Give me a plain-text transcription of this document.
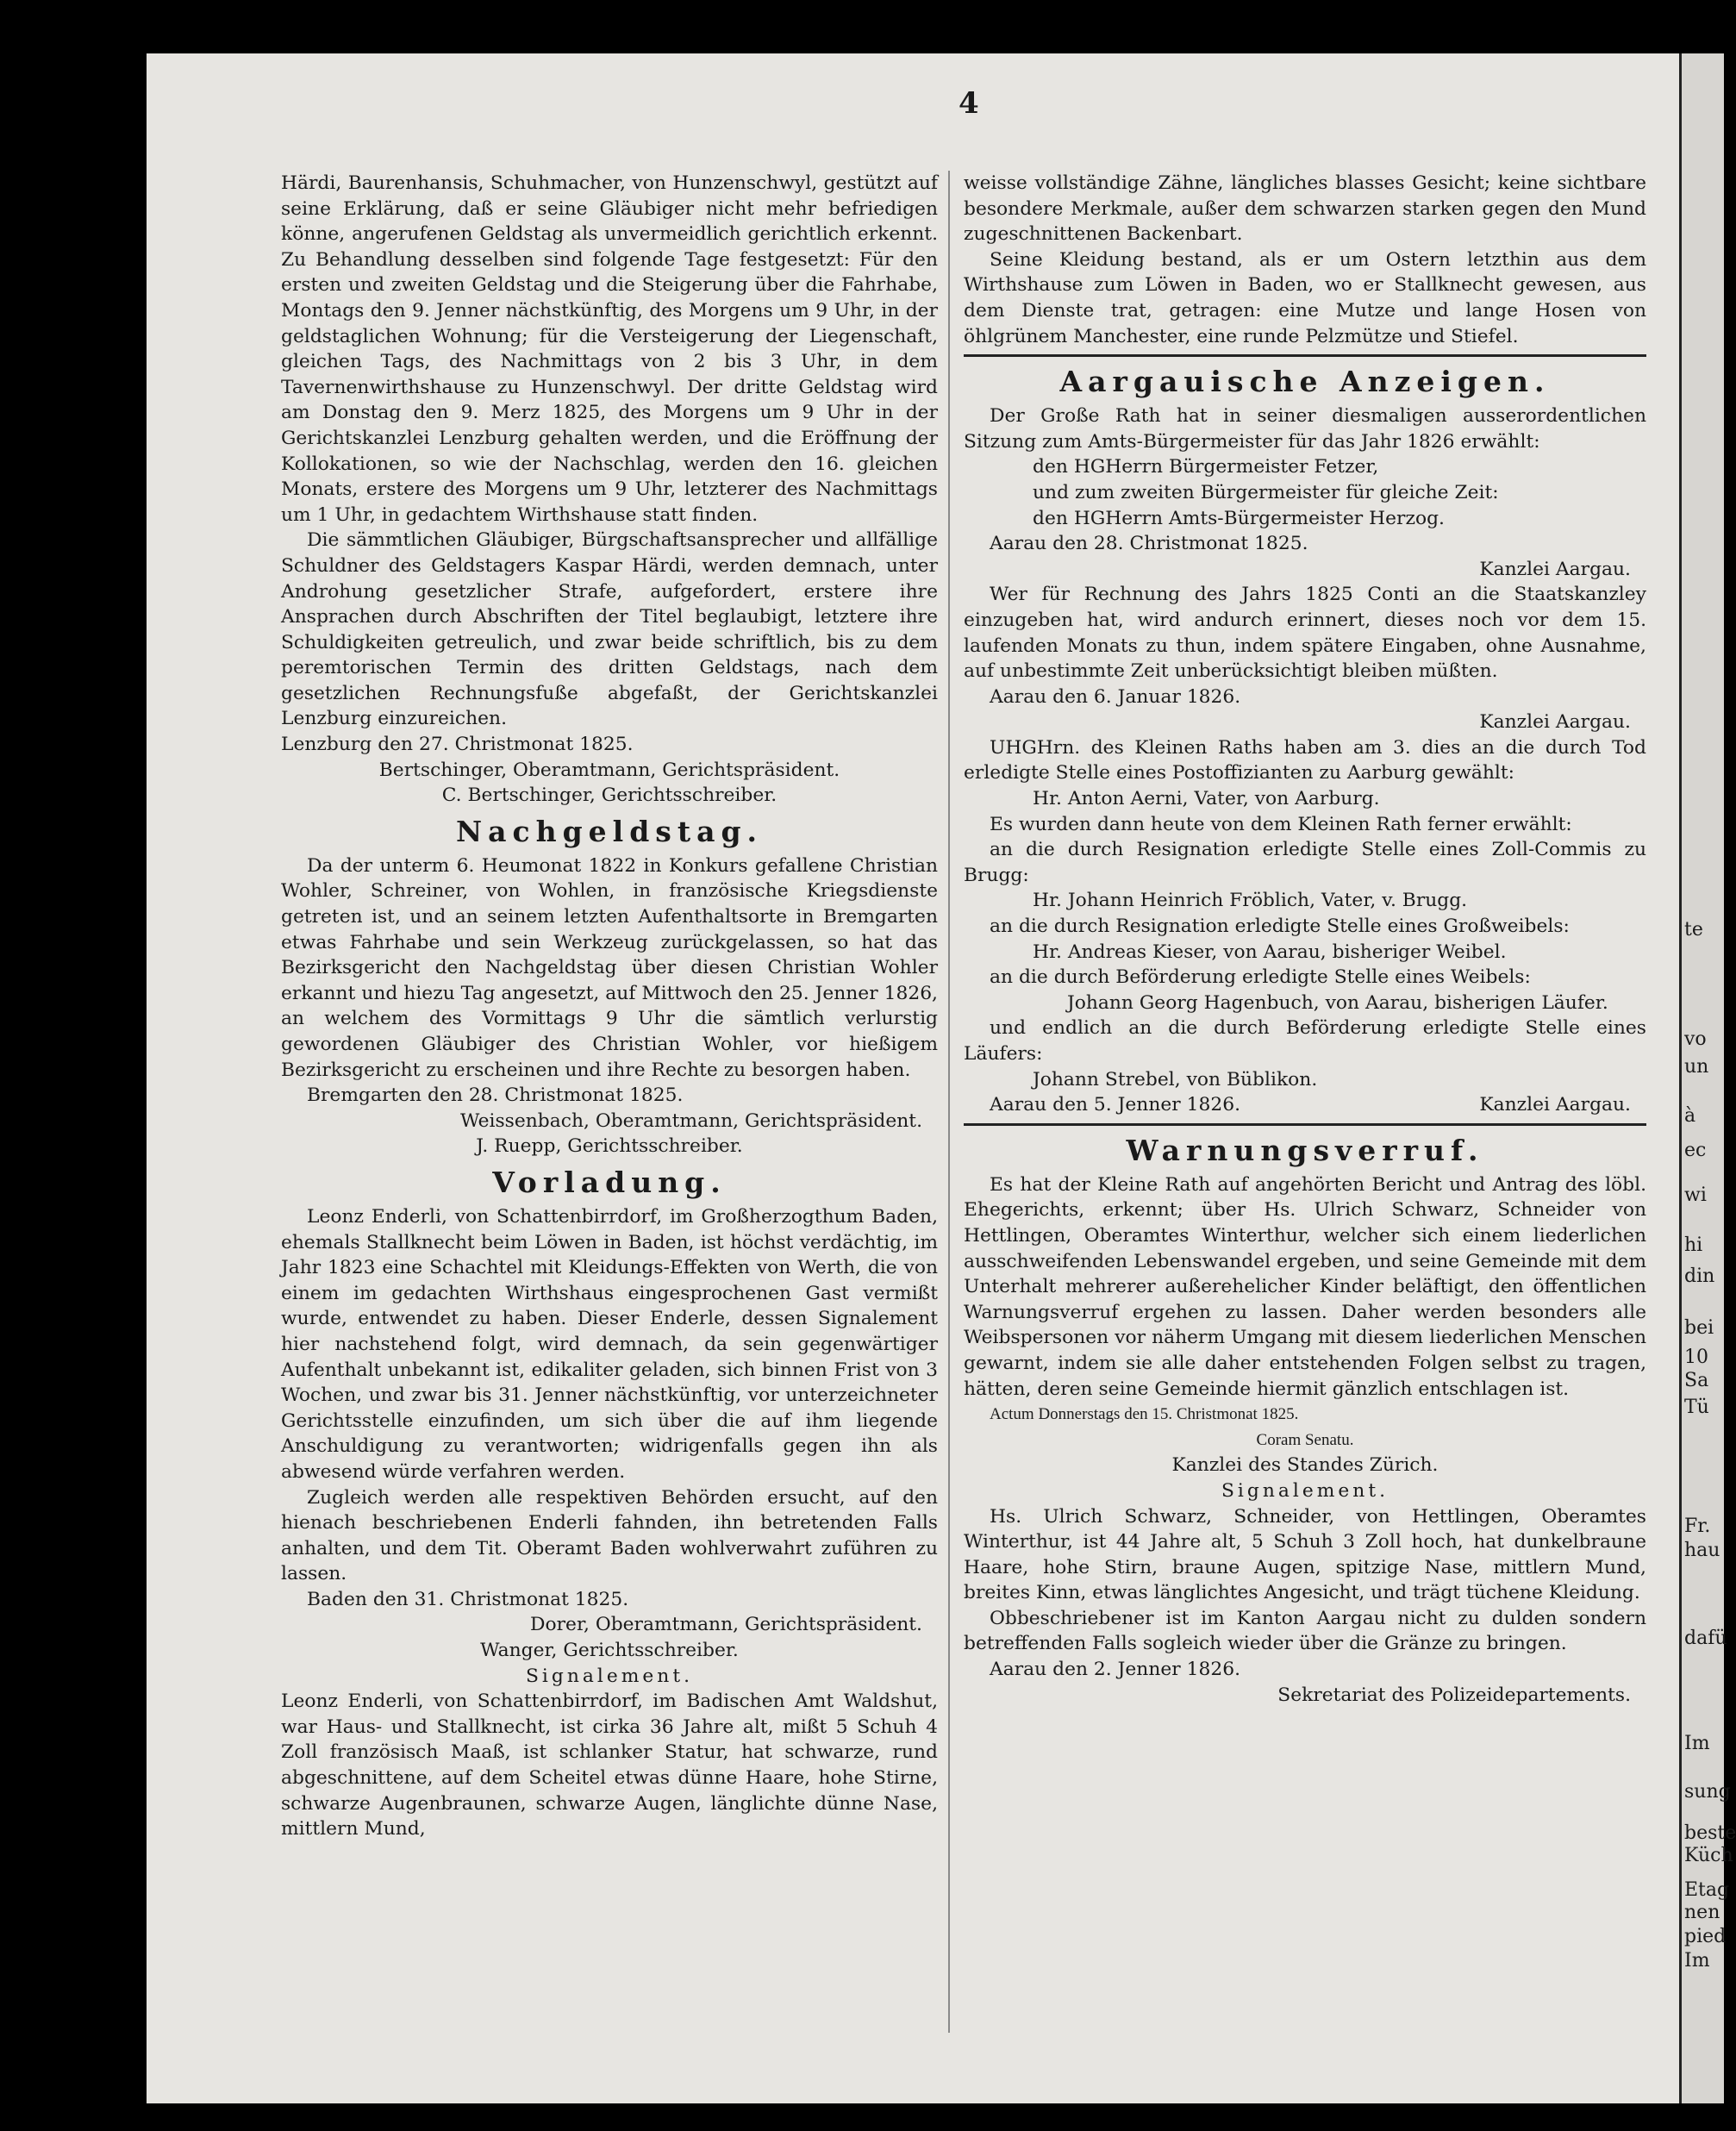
4
te
vo
un
à
ec
wi
hi
din
bei
10
Sa
Tü
Fr.
hau
dafü
Im
sung
beste
Küch
Etag
nen
pied
Im

Härdi, Baurenhansis, Schuhmacher, von Hunzenschwyl, gestützt auf seine Erklärung, daß er seine Gläubiger nicht mehr befriedigen könne, angerufenen Geldstag als unvermeidlich gerichtlich erkennt. Zu Behandlung desselben sind folgende Tage festgesetzt: Für den ersten und zweiten Geldstag und die Steigerung über die Fahrhabe, Montags den 9. Jenner nächstkünftig, des Morgens um 9 Uhr, in der geldstaglichen Wohnung; für die Versteigerung der Liegenschaft, gleichen Tags, des Nachmittags von 2 bis 3 Uhr, in dem Tavernenwirthshause zu Hunzenschwyl. Der dritte Geldstag wird am Donstag den 9. Merz 1825, des Morgens um 9 Uhr in der Gerichtskanzlei Lenzburg gehalten werden, und die Eröffnung der Kollokationen, so wie der Nachschlag, werden den 16. gleichen Monats, erstere des Morgens um 9 Uhr, letzterer des Nachmittags um 1 Uhr, in gedachtem Wirthshause statt finden.

Die sämmtlichen Gläubiger, Bürgschaftsansprecher und allfällige Schuldner des Geldstagers Kaspar Härdi, werden demnach, unter Androhung gesetzlicher Strafe, aufgefordert, erstere ihre Ansprachen durch Abschriften der Titel beglaubigt, letztere ihre Schuldigkeiten getreulich, und zwar beide schriftlich, bis zu dem peremtorischen Termin des dritten Geldstags, nach dem gesetzlichen Rechnungsfuße abgefaßt, der Gerichtskanzlei Lenzburg einzureichen.

Lenzburg den 27. Christmonat 1825.

Bertschinger, Oberamtmann, Gerichtspräsident.

C. Bertschinger, Gerichtsschreiber.

Nachgeldstag.

Da der unterm 6. Heumonat 1822 in Konkurs gefallene Christian Wohler, Schreiner, von Wohlen, in französische Kriegsdienste getreten ist, und an seinem letzten Aufenthaltsorte in Bremgarten etwas Fahrhabe und sein Werkzeug zurückgelassen, so hat das Bezirksgericht den Nachgeldstag über diesen Christian Wohler erkannt und hiezu Tag angesetzt, auf Mittwoch den 25. Jenner 1826, an welchem des Vormittags 9 Uhr die sämtlich verlurstig gewordenen Gläubiger des Christian Wohler, vor hießigem Bezirksgericht zu erscheinen und ihre Rechte zu besorgen haben.

Bremgarten den 28. Christmonat 1825.

Weissenbach, Oberamtmann, Gerichtspräsident.

J. Ruepp, Gerichtsschreiber.

Vorladung.

Leonz Enderli, von Schattenbirrdorf, im Großherzogthum Baden, ehemals Stallknecht beim Löwen in Baden, ist höchst verdächtig, im Jahr 1823 eine Schachtel mit Kleidungs-Effekten von Werth, die von einem im gedachten Wirthshaus eingesprochenen Gast vermißt wurde, entwendet zu haben. Dieser Enderle, dessen Signalement hier nachstehend folgt, wird demnach, da sein gegenwärtiger Aufenthalt unbekannt ist, edikaliter geladen, sich binnen Frist von 3 Wochen, und zwar bis 31. Jenner nächstkünftig, vor unterzeichneter Gerichtsstelle einzufinden, um sich über die auf ihm liegende Anschuldigung zu verantworten; widrigenfalls gegen ihn als abwesend würde verfahren werden.

Zugleich werden alle respektiven Behörden ersucht, auf den hienach beschriebenen Enderli fahnden, ihn betretenden Falls anhalten, und dem Tit. Oberamt Baden wohlverwahrt zuführen zu lassen.

Baden den 31. Christmonat 1825.

Dorer, Oberamtmann, Gerichtspräsident.

Wanger, Gerichtsschreiber.

Signalement.

Leonz Enderli, von Schattenbirrdorf, im Badischen Amt Waldshut, war Haus- und Stallknecht, ist cirka 36 Jahre alt, mißt 5 Schuh 4 Zoll französisch Maaß, ist schlanker Statur, hat schwarze, rund abgeschnittene, auf dem Scheitel etwas dünne Haare, hohe Stirne, schwarze Augenbraunen, schwarze Augen, länglichte dünne Nase, mittlern Mund,

weisse vollständige Zähne, längliches blasses Gesicht; keine sichtbare besondere Merkmale, außer dem schwarzen starken gegen den Mund zugeschnittenen Backenbart.

Seine Kleidung bestand, als er um Ostern letzthin aus dem Wirthshause zum Löwen in Baden, wo er Stallknecht gewesen, aus dem Dienste trat, getragen: eine Mutze und lange Hosen von öhlgrünem Manchester, eine runde Pelzmütze und Stiefel.

Aargauische Anzeigen.

Der Große Rath hat in seiner diesmaligen ausserordentlichen Sitzung zum Amts-Bürgermeister für das Jahr 1826 erwählt:

den HGHerrn Bürgermeister Fetzer,

und zum zweiten Bürgermeister für gleiche Zeit:

den HGHerrn Amts-Bürgermeister Herzog.

Aarau den 28. Christmonat 1825.

Kanzlei Aargau.

Wer für Rechnung des Jahrs 1825 Conti an die Staatskanzley einzugeben hat, wird andurch erinnert, dieses noch vor dem 15. laufenden Monats zu thun, indem spätere Eingaben, ohne Ausnahme, auf unbestimmte Zeit unberücksichtigt bleiben müßten.

Aarau den 6. Januar 1826.

Kanzlei Aargau.

UHGHrn. des Kleinen Raths haben am 3. dies an die durch Tod erledigte Stelle eines Postoffizianten zu Aarburg gewählt:

Hr. Anton Aerni, Vater, von Aarburg.

Es wurden dann heute von dem Kleinen Rath ferner erwählt:

an die durch Resignation erledigte Stelle eines Zoll-Commis zu Brugg:

Hr. Johann Heinrich Fröblich, Vater, v. Brugg.

an die durch Resignation erledigte Stelle eines Großweibels:

Hr. Andreas Kieser, von Aarau, bisheriger Weibel.

an die durch Beförderung erledigte Stelle eines Weibels:

Johann Georg Hagenbuch, von Aarau, bisherigen Läufer.

und endlich an die durch Beförderung erledigte Stelle eines Läufers:

Johann Strebel, von Büblikon.

Aarau den 5. Jenner 1826.	Kanzlei Aargau.
Warnungsverruf.

Es hat der Kleine Rath auf angehörten Bericht und Antrag des löbl. Ehegerichts, erkennt; über Hs. Ulrich Schwarz, Schneider von Hettlingen, Oberamtes Winterthur, welcher sich einem liederlichen ausschweifenden Lebenswandel ergeben, und seine Gemeinde mit dem Unterhalt mehrerer außerehelicher Kinder beläftigt, den öffentlichen Warnungsverruf ergehen zu lassen. Daher werden besonders alle Weibspersonen vor näherm Umgang mit diesem liederlichen Menschen gewarnt, indem sie alle daher entstehenden Folgen selbst zu tragen, hätten, deren seine Gemeinde hiermit gänzlich entschlagen ist.

Actum Donnerstags den 15. Christmonat 1825.

Coram Senatu.

Kanzlei des Standes Zürich.

Signalement.

Hs. Ulrich Schwarz, Schneider, von Hettlingen, Oberamtes Winterthur, ist 44 Jahre alt, 5 Schuh 3 Zoll hoch, hat dunkelbraune Haare, hohe Stirn, braune Augen, spitzige Nase, mittlern Mund, breites Kinn, etwas länglichtes Angesicht, und trägt tüchene Kleidung.

Obbeschriebener ist im Kanton Aargau nicht zu dulden sondern betreffenden Falls sogleich wieder über die Gränze zu bringen.

Aarau den 2. Jenner 1826.

Sekretariat des Polizeidepartements.
